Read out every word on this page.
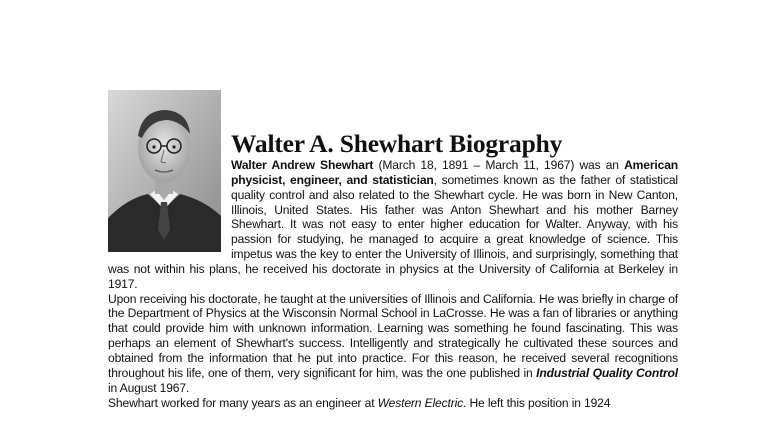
Walter A. Shewhart Biography

Walter Andrew Shewhart (March 18, 1891 – March 11, 1967) was an American physicist, engineer, and statistician, sometimes known as the father of statistical quality control and also related to the Shewhart cycle. He was born in New Canton, Illinois, United States. His father was Anton Shewhart and his mother Barney Shewhart. It was not easy to enter higher education for Walter. Anyway, with his passion for studying, he managed to acquire a great knowledge of science. This impetus was the key to enter the University of Illinois, and surprisingly, something that was not within his plans, he received his doctorate in physics at the University of California at Berkeley in 1917.

Upon receiving his doctorate, he taught at the universities of Illinois and California. He was briefly in charge of the Department of Physics at the Wisconsin Normal School in LaCrosse. He was a fan of libraries or anything that could provide him with unknown information. Learning was something he found fascinating. This was perhaps an element of Shewhart's success. Intelligently and strategically he cultivated these sources and obtained from the information that he put into practice. For this reason, he received several recognitions throughout his life, one of them, very significant for him, was the one published in Industrial Quality Control in August 1967.

Shewhart worked for many years as an engineer at Western Electric. He left this position in 1924
